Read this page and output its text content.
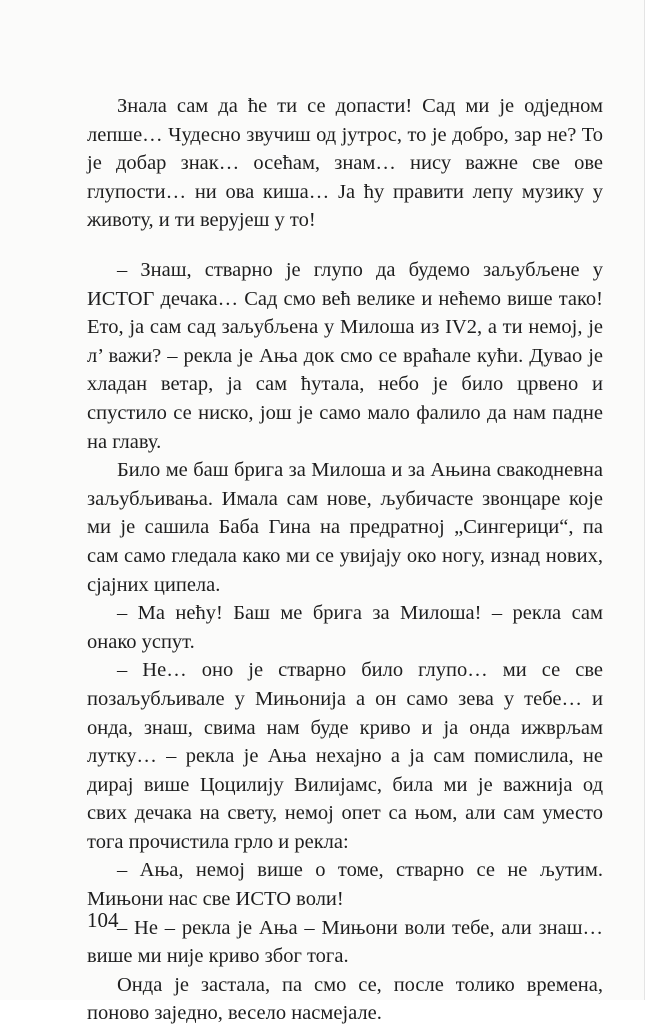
Знала сам да ће ти се допасти! Сад ми је одједном лепше… Чудесно звучиш од јутрос, то је добро, зар не? То је добар знак… осећам, знам… нису важне све ове глупости… ни ова киша… Ја ћу правити лепу музику у животу, и ти верујеш у то!

– Знаш, стварно је глупо да будемо заљубљене у ИСТОГ дечака… Сад смо већ велике и нећемо више тако! Ето, ја сам сад заљубљена у Милоша из IV2, а ти немој, је л’ важи? – рекла је Ања док смо се враћале кући. Дувао је хладан ветар, ја сам ћутала, небо је било црвено и спустило се ниско, још је само мало фалило да нам падне на главу.

Било ме баш брига за Милоша и за Ањина свакодневна заљубљивања. Имала сам нове, љубичасте звонцаре које ми је сашила Баба Гина на предратној „Сингерици“, па сам само гледала како ми се увијају око ногу, изнад нових, сјајних ципела.

– Ма нећу! Баш ме брига за Милоша! – рекла сам онако успут.

– Не… оно је стварно било глупо… ми се све позаљубљивале у Мињонија а он само зева у тебе… и онда, знаш, свима нам буде криво и ја онда ижврљам лутку… – рекла је Ања нехајно а ја сам помислила, не дирај више Цоцилију Вилијамс, била ми је важнија од свих дечака на свету, немој опет са њом, али сам уместо тога прочистила грло и рекла:

– Ања, немој више о томе, стварно се не љутим. Мињони нас све ИСТО воли!

– Не – рекла је Ања – Мињони воли тебе, али знаш… више ми није криво због тога.

Онда је застала, па смо се, после толико времена, поново заједно, весело насмејале.

104
